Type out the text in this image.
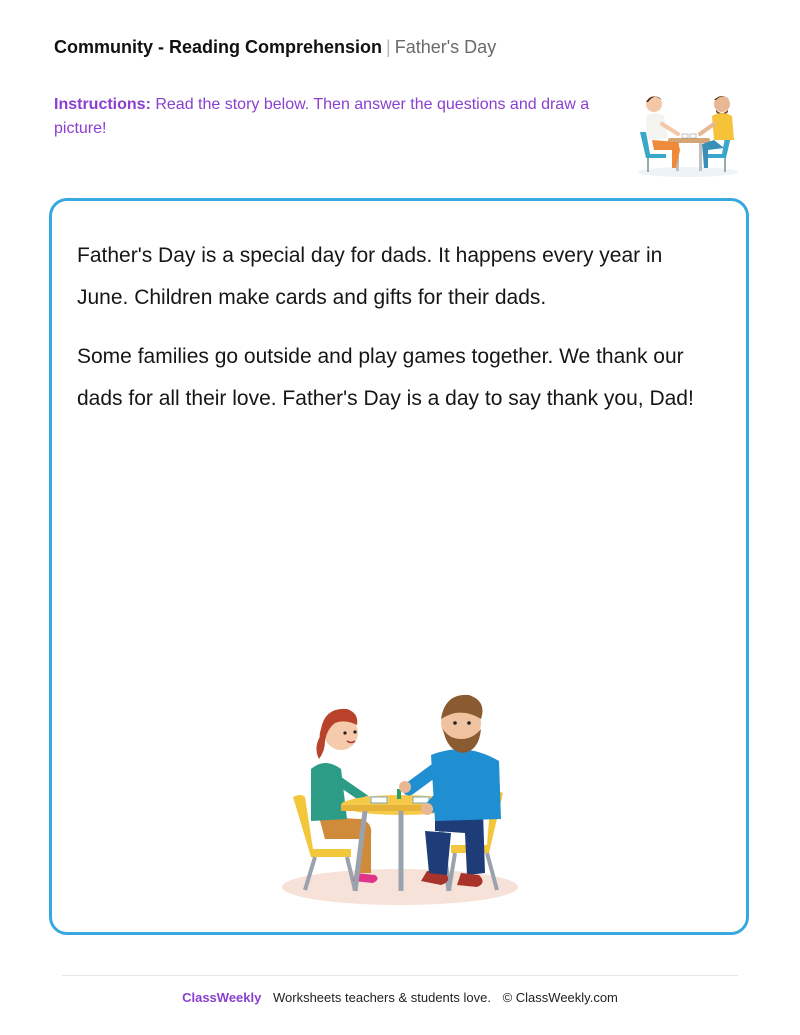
Community - Reading Comprehension | Father's Day
Instructions: Read the story below. Then answer the questions and draw a picture!

Father's Day is a special day for dads. It happens every year in June. Children make cards and gifts for their dads.

Some families go outside and play games together. We thank our dads for all their love. Father's Day is a day to say thank you, Dad!

ClassWeekly Worksheets teachers & students love. © ClassWeekly.com
